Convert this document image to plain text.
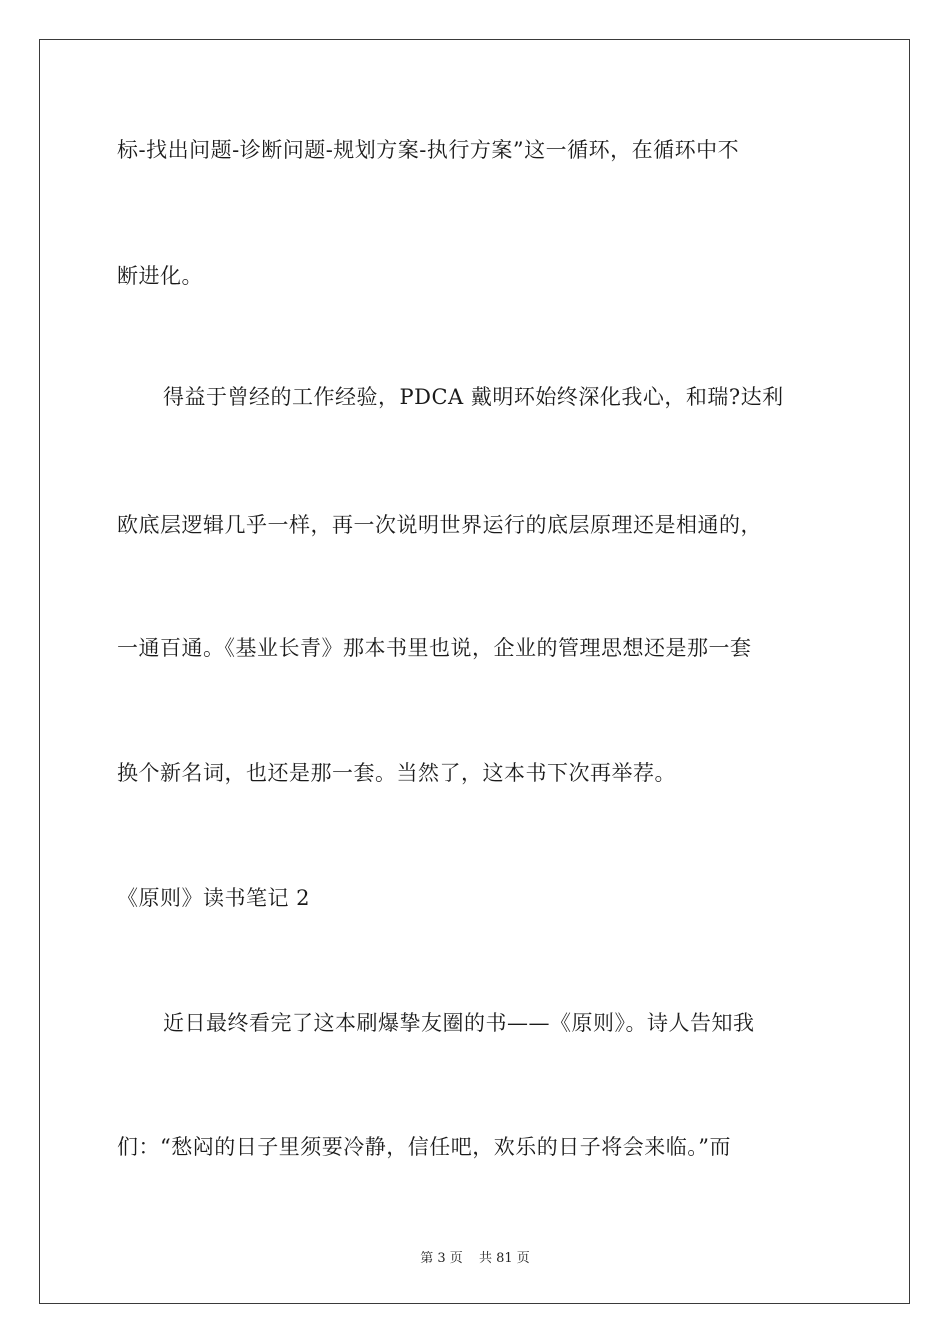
标-找出问题-诊断问题-规划方案-执行方案”这一循环，在循环中不
断进化。
得益于曾经的工作经验，PDCA 戴明环始终深化我心，和瑞?达利
欧底层逻辑几乎一样，再一次说明世界运行的底层原理还是相通的，
一通百通。《基业长青》那本书里也说，企业的管理思想还是那一套
换个新名词，也还是那一套。当然了，这本书下次再举荐。
《原则》读书笔记 2
近日最终看完了这本刷爆挚友圈的书——《原则》。诗人告知我
们：“愁闷的日子里须要冷静，信任吧，欢乐的日子将会来临。”而
第 3 页 共 81 页
